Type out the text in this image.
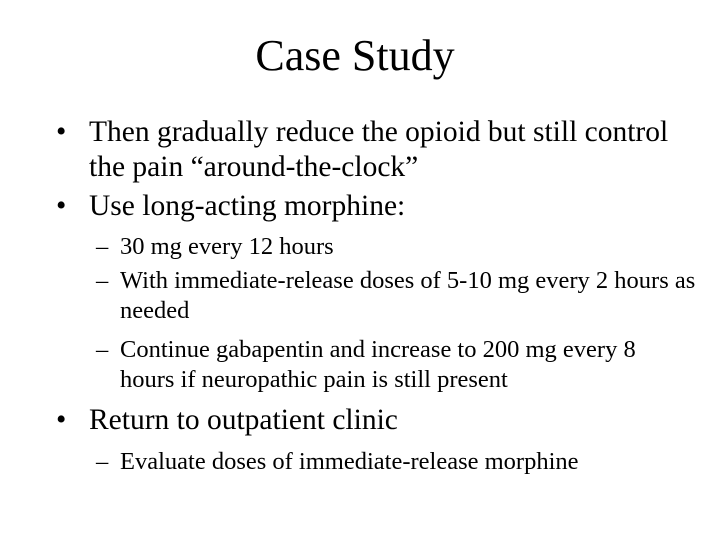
Case Study
• Then gradually reduce the opioid but still control the pain “around-the-clock”
• Use long-acting morphine:
– 30 mg every 12 hours
– With immediate-release doses of 5-10 mg every 2 hours as needed
– Continue gabapentin and increase to 200 mg every 8 hours if neuropathic pain is still present
• Return to outpatient clinic
– Evaluate doses of immediate-release morphine
